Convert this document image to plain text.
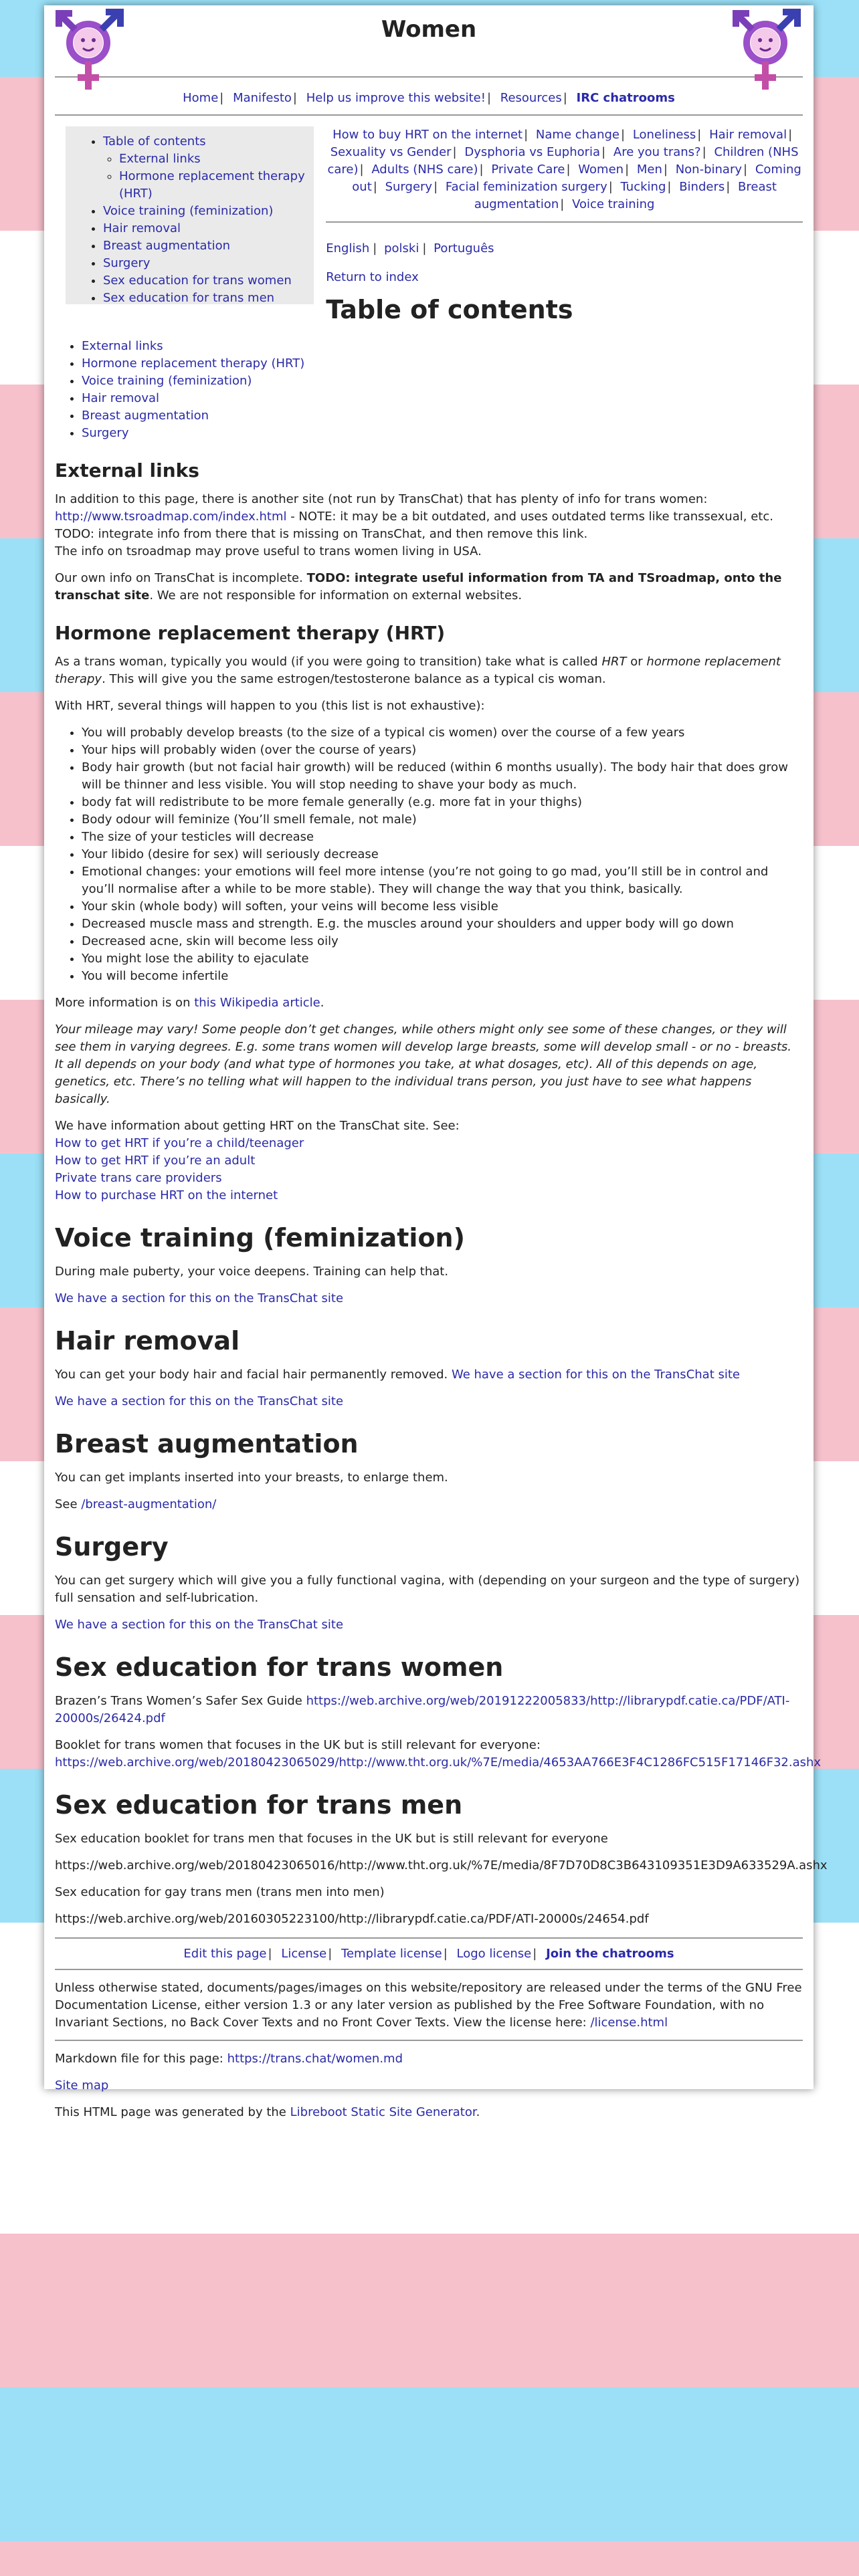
Women
Home | Manifesto | Help us improve this website! | Resources | IRC chatrooms
• Table of contents
◦ External links
◦ Hormone replacement therapy (HRT)
• Voice training (feminization)
• Hair removal
• Breast augmentation
• Surgery
• Sex education for trans women
• Sex education for trans men
How to buy HRT on the internet | Name change | Loneliness | Hair removal | Sexuality vs Gender | Dysphoria vs Euphoria | Are you trans? | Children (NHS care) | Adults (NHS care) | Private Care | Women | Men | Non-binary | Coming out | Surgery | Facial feminization surgery | Tucking | Binders | Breast augmentation | Voice training
English | polski | Português
Return to index
Table of contents
• External links
• Hormone replacement therapy (HRT)
• Voice training (feminization)
• Hair removal
• Breast augmentation
• Surgery
External links

In addition to this page, there is another site (not run by TransChat) that has plenty of info for trans women:
http://www.tsroadmap.com/index.html - NOTE: it may be a bit outdated, and uses outdated terms like transsexual, etc. TODO: integrate info from there that is missing on TransChat, and then remove this link.
The info on tsroadmap may prove useful to trans women living in USA.

Our own info on TransChat is incomplete. TODO: integrate useful information from TA and TSroadmap, onto the transchat site. We are not responsible for information on external websites.

Hormone replacement therapy (HRT)

As a trans woman, typically you would (if you were going to transition) take what is called HRT or hormone replacement therapy. This will give you the same estrogen/testosterone balance as a typical cis woman.

With HRT, several things will happen to you (this list is not exhaustive):

• You will probably develop breasts (to the size of a typical cis women) over the course of a few years
• Your hips will probably widen (over the course of years)
• Body hair growth (but not facial hair growth) will be reduced (within 6 months usually). The body hair that does grow will be thinner and less visible. You will stop needing to shave your body as much.
• body fat will redistribute to be more female generally (e.g. more fat in your thighs)
• Body odour will feminize (You’ll smell female, not male)
• The size of your testicles will decrease
• Your libido (desire for sex) will seriously decrease
• Emotional changes: your emotions will feel more intense (you’re not going to go mad, you’ll still be in control and you’ll normalise after a while to be more stable). They will change the way that you think, basically.
• Your skin (whole body) will soften, your veins will become less visible
• Decreased muscle mass and strength. E.g. the muscles around your shoulders and upper body will go down
• Decreased acne, skin will become less oily
• You might lose the ability to ejaculate
• You will become infertile

More information is on this Wikipedia article.

Your mileage may vary! Some people don’t get changes, while others might only see some of these changes, or they will see them in varying degrees. E.g. some trans women will develop large breasts, some will develop small - or no - breasts. It all depends on your body (and what type of hormones you take, at what dosages, etc). All of this depends on age, genetics, etc. There’s no telling what will happen to the individual trans person, you just have to see what happens basically.

We have information about getting HRT on the TransChat site. See:
How to get HRT if you’re a child/teenager
How to get HRT if you’re an adult
Private trans care providers
How to purchase HRT on the internet

Voice training (feminization)

During male puberty, your voice deepens. Training can help that.

We have a section for this on the TransChat site

Hair removal

You can get your body hair and facial hair permanently removed. We have a section for this on the TransChat site

We have a section for this on the TransChat site

Breast augmentation

You can get implants inserted into your breasts, to enlarge them.

See /breast-augmentation/

Surgery

You can get surgery which will give you a fully functional vagina, with (depending on your surgeon and the type of surgery) full sensation and self-lubrication.

We have a section for this on the TransChat site

Sex education for trans women

Brazen’s Trans Women’s Safer Sex Guide https://web.archive.org/web/20191222005833/http://librarypdf.catie.ca/PDF/ATI-20000s/26424.pdf

Booklet for trans women that focuses in the UK but is still relevant for everyone:
https://web.archive.org/web/20180423065029/http://www.tht.org.uk/%7E/media/4653AA766E3F4C1286FC515F17146F32.ashx

Sex education for trans men

Sex education booklet for trans men that focuses in the UK but is still relevant for everyone

https://web.archive.org/web/20180423065016/http://www.tht.org.uk/%7E/media/8F7D70D8C3B643109351E3D9A633529A.ashx

Sex education for gay trans men (trans men into men)

https://web.archive.org/web/20160305223100/http://librarypdf.catie.ca/PDF/ATI-20000s/24654.pdf

Edit this page | License | Template license | Logo license | Join the chatrooms

Unless otherwise stated, documents/pages/images on this website/repository are released under the terms of the GNU Free Documentation License, either version 1.3 or any later version as published by the Free Software Foundation, with no Invariant Sections, no Back Cover Texts and no Front Cover Texts. View the license here: /license.html

Markdown file for this page: https://trans.chat/women.md

Site map

This HTML page was generated by the Libreboot Static Site Generator.
